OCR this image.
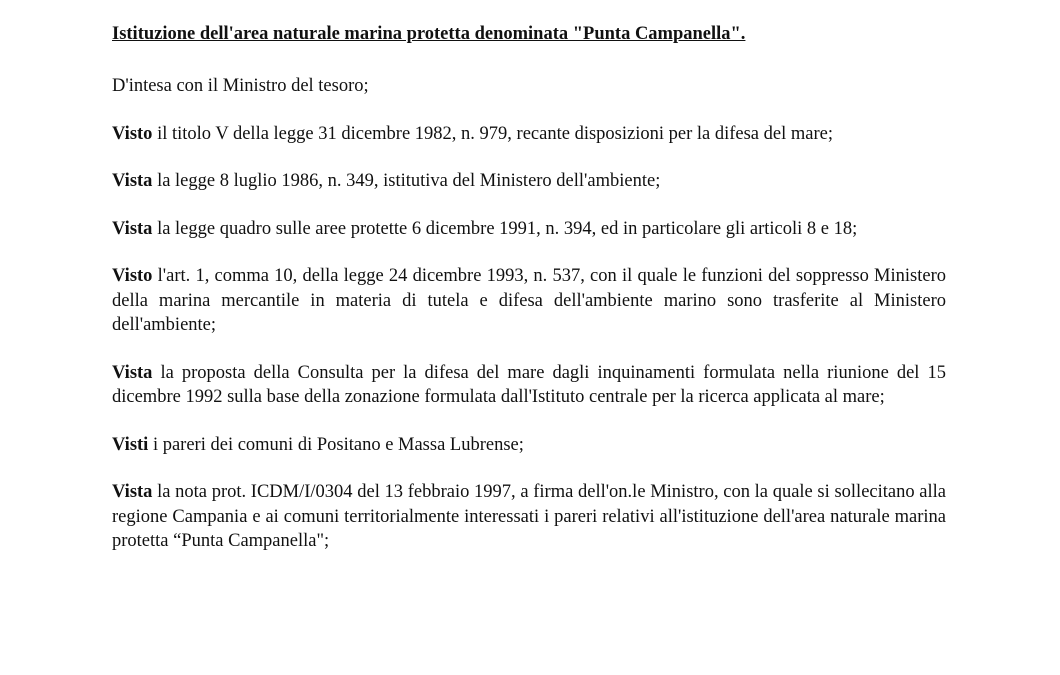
Istituzione dell'area naturale marina protetta denominata "Punta Campanella".

D'intesa con il Ministro del tesoro;

Visto il titolo V della legge 31 dicembre 1982, n. 979, recante disposizioni per la difesa del mare;

Vista la legge 8 luglio 1986, n. 349, istitutiva del Ministero dell'ambiente;

Vista la legge quadro sulle aree protette 6 dicembre 1991, n. 394, ed in particolare gli articoli 8 e 18;

Visto l'art. 1, comma 10, della legge 24 dicembre 1993, n. 537, con il quale le funzioni del soppresso Ministero della marina mercantile in materia di tutela e difesa dell'ambiente marino sono trasferite al Ministero dell'ambiente;

Vista la proposta della Consulta per la difesa del mare dagli inquinamenti formulata nella riunione del 15 dicembre 1992 sulla base della zonazione formulata dall'Istituto centrale per la ricerca applicata al mare;

Visti i pareri dei comuni di Positano e Massa Lubrense;

Vista la nota prot. ICDM/I/0304 del 13 febbraio 1997, a firma dell'on.le Ministro, con la quale si sollecitano alla regione Campania e ai comuni territorialmente interessati i pareri relativi all'istituzione dell'area naturale marina protetta “Punta Campanella";
